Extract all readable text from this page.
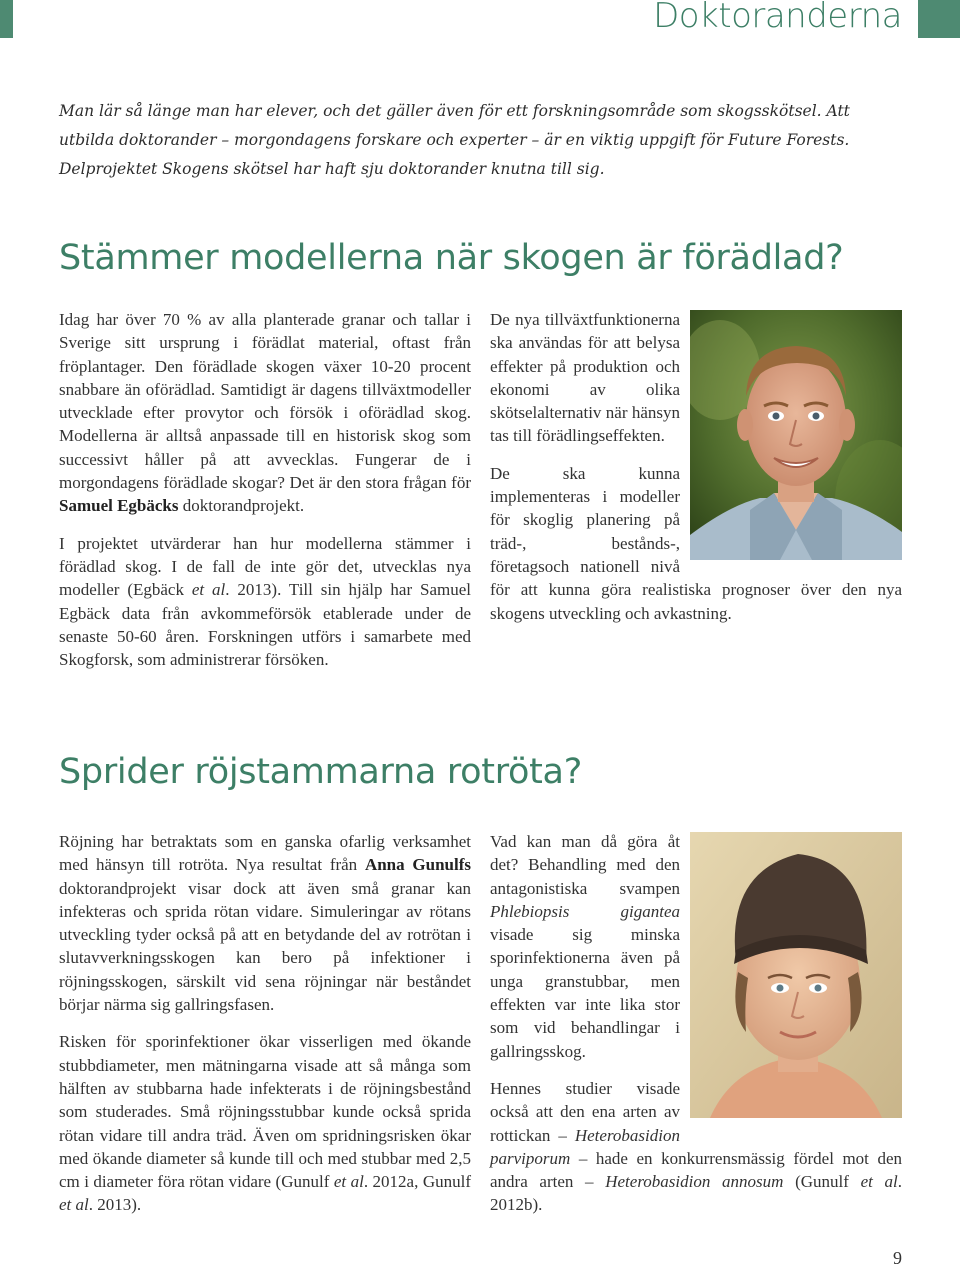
Doktoranderna

Man lär så länge man har elever, och det gäller även för ett forskningsområde som skogsskötsel. Att utbilda doktorander – morgondagens forskare och experter – är en viktig uppgift för Future Forests. Delprojektet Skogens skötsel har haft sju doktorander knutna till sig.

Stämmer modellerna när skogen är förädlad?

Idag har över 70 % av alla planterade granar och tallar i Sverige sitt ursprung i förädlat material, oftast från fröplantager. Den förädlade skogen växer 10-20 procent snabbare än oförädlad. Samtidigt är dagens tillväxtmodeller utvecklade efter provytor och försök i oförädlad skog. Modellerna är alltså anpassade till en historisk skog som successivt håller på att avvecklas. Fungerar de i morgondagens förädlade skogar? Det är den stora frågan för Samuel Egbäcks doktorandprojekt.

I projektet utvärderar han hur modellerna stämmer i förädlad skog. I de fall de inte gör det, utvecklas nya modeller (Egbäck et al. 2013). Till sin hjälp har Samuel Egbäck data från avkommeförsök etablerade under de senaste 50-60 åren. Forskningen utförs i samarbete med Skogforsk, som administrerar försöken.

De nya tillväxtfunktionerna ska användas för att belysa effekter på produktion och ekonomi av olika skötselalternativ när hänsyn tas till förädlingseffekten.

De ska kunna implementeras i modeller för skoglig planering på träd-, bestånds-, företagsoch nationell nivå för att kunna göra realistiska prognoser över den nya skogens utveckling och avkastning.

Sprider röjstammarna rotröta?

Röjning har betraktats som en ganska ofarlig verksamhet med hänsyn till rotröta. Nya resultat från Anna Gunulfs doktorandprojekt visar dock att även små granar kan infekteras och sprida rötan vidare. Simuleringar av rötans utveckling tyder också på att en betydande del av rotrötan i slutavverkningsskogen kan bero på infektioner i röjningsskogen, särskilt vid sena röjningar när beståndet börjar närma sig gallringsfasen.

Risken för sporinfektioner ökar visserligen med ökande stubbdiameter, men mätningarna visade att så många som hälften av stubbarna hade infekterats i de röjningsbestånd som studerades. Små röjningsstubbar kunde också sprida rötan vidare till andra träd. Även om spridningsrisken ökar med ökande diameter så kunde till och med stubbar med 2,5 cm i diameter föra rötan vidare (Gunulf et al. 2012a, Gunulf et al. 2013).

Vad kan man då göra åt det? Behandling med den antagonistiska svampen Phlebiopsis gigantea visade sig minska sporinfektionerna även på unga granstubbar, men effekten var inte lika stor som vid behandlingar i gallringsskog.

Hennes studier visade också att den ena arten av rottickan – Heterobasidion parviporum – hade en konkurrensmässig fördel mot den andra arten – Heterobasidion annosum (Gunulf et al. 2012b).

9
